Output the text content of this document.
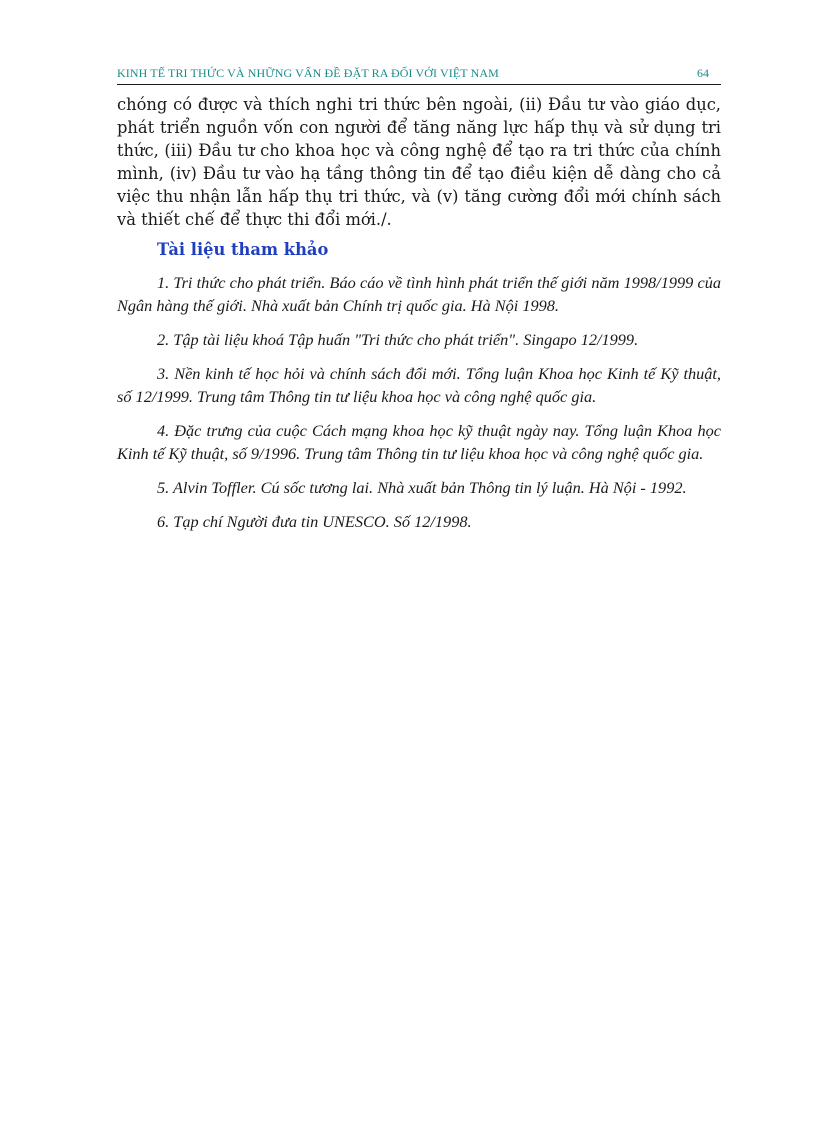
KINH TẾ TRI THỨC VÀ NHỮNG VẤN ĐỀ ĐẶT RA ĐỐI VỚI VIỆT NAM	64

chóng có được và thích nghi tri thức bên ngoài, (ii) Đầu tư vào giáo dục, phát triển nguồn vốn con người để tăng năng lực hấp thụ và sử dụng tri thức, (iii) Đầu tư cho khoa học và công nghệ để tạo ra tri thức của chính mình, (iv) Đầu tư vào hạ tầng thông tin để tạo điều kiện dễ dàng cho cả việc thu nhận lẫn hấp thụ tri thức, và (v) tăng cường đổi mới chính sách và thiết chế để thực thi đổi mới./.

Tài liệu tham khảo
1. Tri thức cho phát triển. Báo cáo về tình hình phát triển thế giới năm 1998/1999 của Ngân hàng thế giới. Nhà xuất bản Chính trị quốc gia. Hà Nội 1998.
2. Tập tài liệu khoá Tập huấn "Tri thức cho phát triển". Singapo 12/1999.
3. Nền kinh tế học hỏi và chính sách đổi mới. Tổng luận Khoa học Kinh tế Kỹ thuật, số 12/1999. Trung tâm Thông tin tư liệu khoa học và công nghệ quốc gia.
4. Đặc trưng của cuộc Cách mạng khoa học kỹ thuật ngày nay. Tổng luận Khoa học Kinh tế Kỹ thuật, số 9/1996. Trung tâm Thông tin tư liệu khoa học và công nghệ quốc gia.
5. Alvin Toffler. Cú sốc tương lai. Nhà xuất bản Thông tin lý luận. Hà Nội - 1992.
6. Tạp chí Người đưa tin UNESCO. Số 12/1998.
